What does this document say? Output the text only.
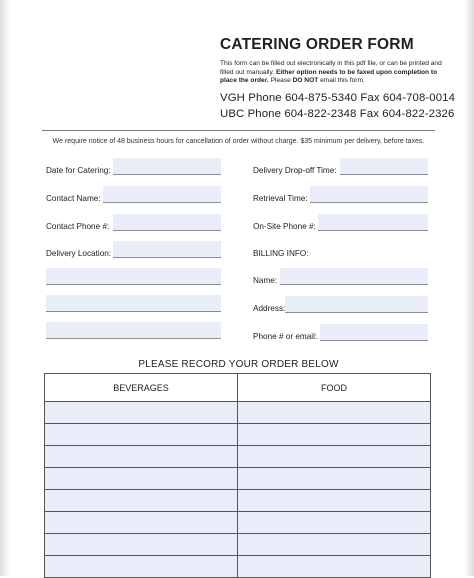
CATERING ORDER FORM
This form can be filled out electronically in this pdf file, or can be printed and filled out manually. Either option needs to be faxed upon completion to place the order. Please DO NOT email this form.
VGH Phone 604-875-5340 Fax 604-708-0014
UBC Phone 604-822-2348 Fax 604-822-2326
We require notice of 48 business hours for cancellation of order without charge. $35 minimum per delivery, before taxes.
Date for Catering:
Contact Name:
Contact Phone #:
Delivery Location:
Delivery Drop-off Time:
Retrieval Time:
On-Site Phone #:
BILLING INFO:
Name:
Address:
Phone # or email:
PLEASE RECORD YOUR ORDER BELOW
BEVERAGES	FOOD
